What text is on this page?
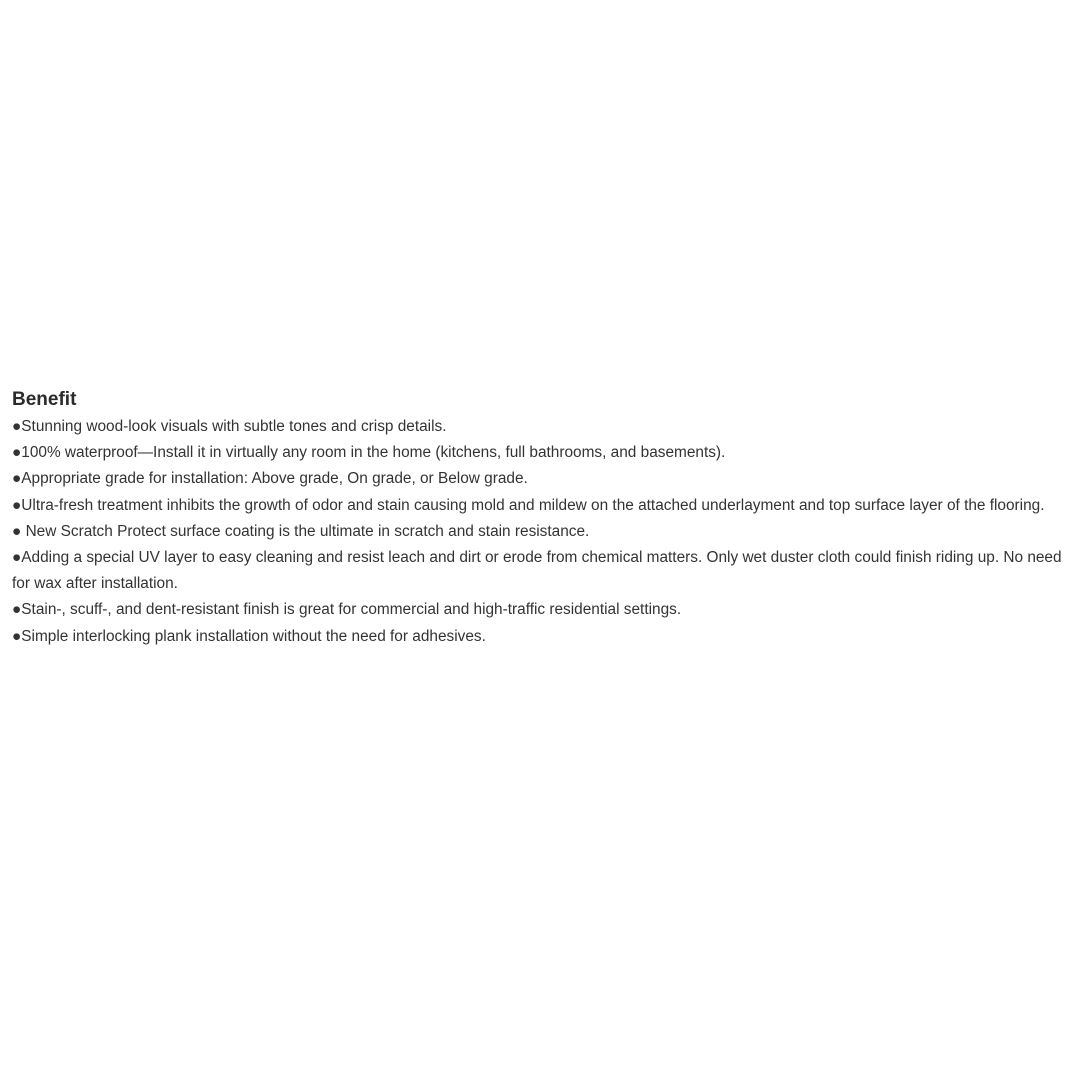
Benefit
●Stunning wood-look visuals with subtle tones and crisp details.
●100% waterproof—Install it in virtually any room in the home (kitchens, full bathrooms, and basements).
●Appropriate grade for installation: Above grade, On grade, or Below grade.
●Ultra-fresh treatment inhibits the growth of odor and stain causing mold and mildew on the attached underlayment and top surface layer of the flooring.
● New Scratch Protect surface coating is the ultimate in scratch and stain resistance.
●Adding a special UV layer to easy cleaning and resist leach and dirt or erode from chemical matters. Only wet duster cloth could finish riding up. No need for wax after installation.
●Stain-, scuff-, and dent-resistant finish is great for commercial and high-traffic residential settings.
●Simple interlocking plank installation without the need for adhesives.
